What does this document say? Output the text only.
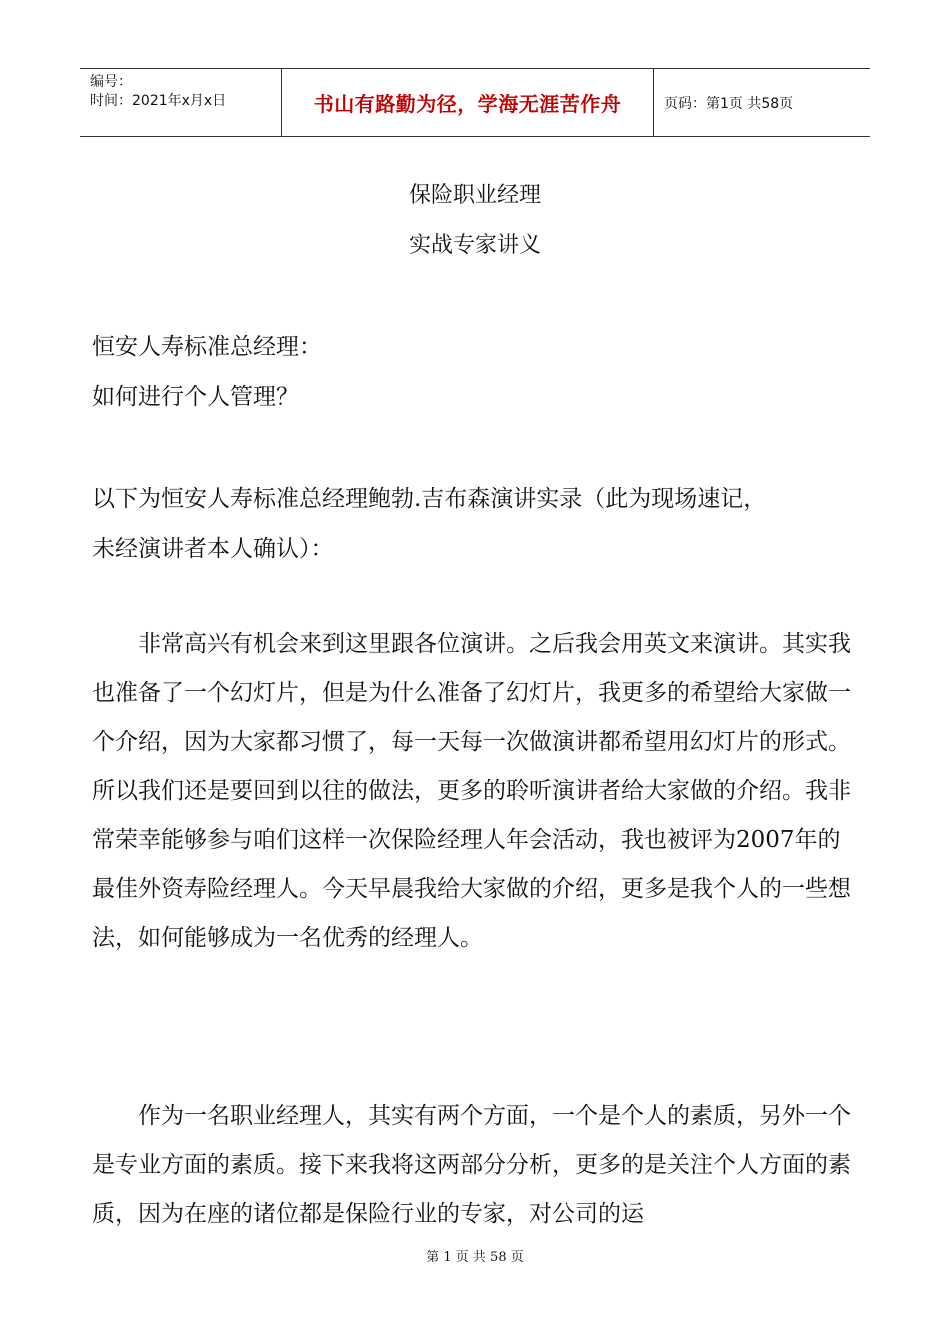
编号：
时间：2021年x月x日	书山有路勤为径，学海无涯苦作舟	页码：第1页 共58页
保险职业经理
实战专家讲义
恒安人寿标准总经理：
如何进行个人管理？
以下为恒安人寿标准总经理鲍勃.吉布森演讲实录（此为现场速记，
未经演讲者本人确认）：

非常高兴有机会来到这里跟各位演讲。之后我会用英文来演讲。其实我也准备了一个幻灯片，但是为什么准备了幻灯片，我更多的希望给大家做一个介绍，因为大家都习惯了，每一天每一次做演讲都希望用幻灯片的形式。所以我们还是要回到以往的做法，更多的聆听演讲者给大家做的介绍。我非常荣幸能够参与咱们这样一次保险经理人年会活动，我也被评为2007年的最佳外资寿险经理人。今天早晨我给大家做的介绍，更多是我个人的一些想法，如何能够成为一名优秀的经理人。

作为一名职业经理人，其实有两个方面，一个是个人的素质，另外一个是专业方面的素质。接下来我将这两部分分析，更多的是关注个人方面的素质，因为在座的诸位都是保险行业的专家，对公司的运

第 1 页 共 58 页
